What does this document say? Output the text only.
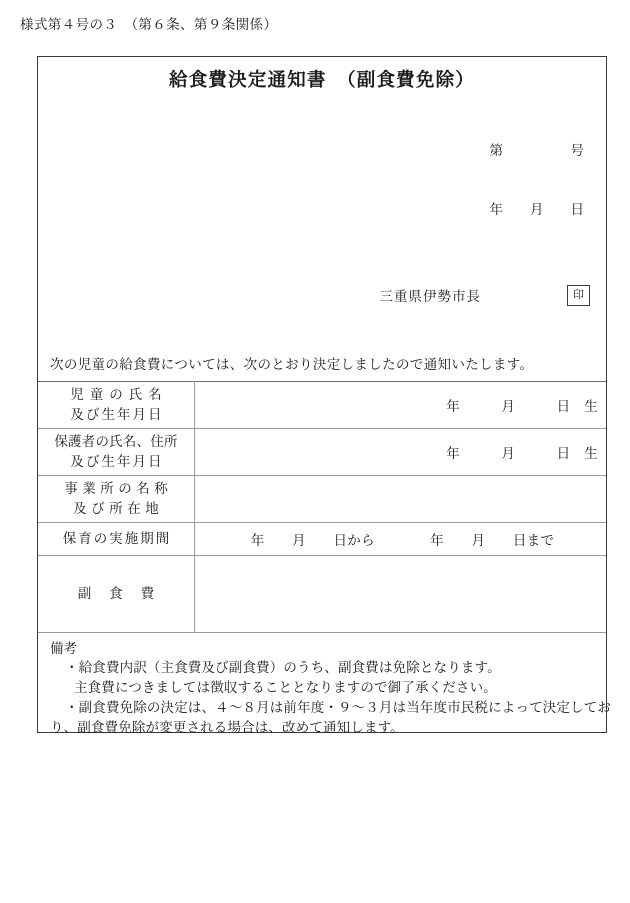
様式第４号の３　（第６条、第９条関係）
給食費決定通知書　（副食費免除）

第　　　　　号

年　　月　　日

三重県伊勢市長	印
次の児童の給食費については、次のとおり決定しましたので通知いたします。
児童の氏名
及び生年月日	年　　　月　　　日　生

保護者の氏名、住所
及び生年月日	年　　　月　　　日　生

事業所の名称
及び所在地	

保育の実施期間	年　　月　　日から　　　　年　　月　　日まで

副食費	

備考
・給食費内訳（主食費及び副食費）のうち、副食費は免除となります。
主食費につきましては徴収することとなりますので御了承ください。
・副食費免除の決定は、４～８月は前年度・９～３月は当年度市民税によって決定してお
り、副食費免除が変更される場合は、改めて通知します。
